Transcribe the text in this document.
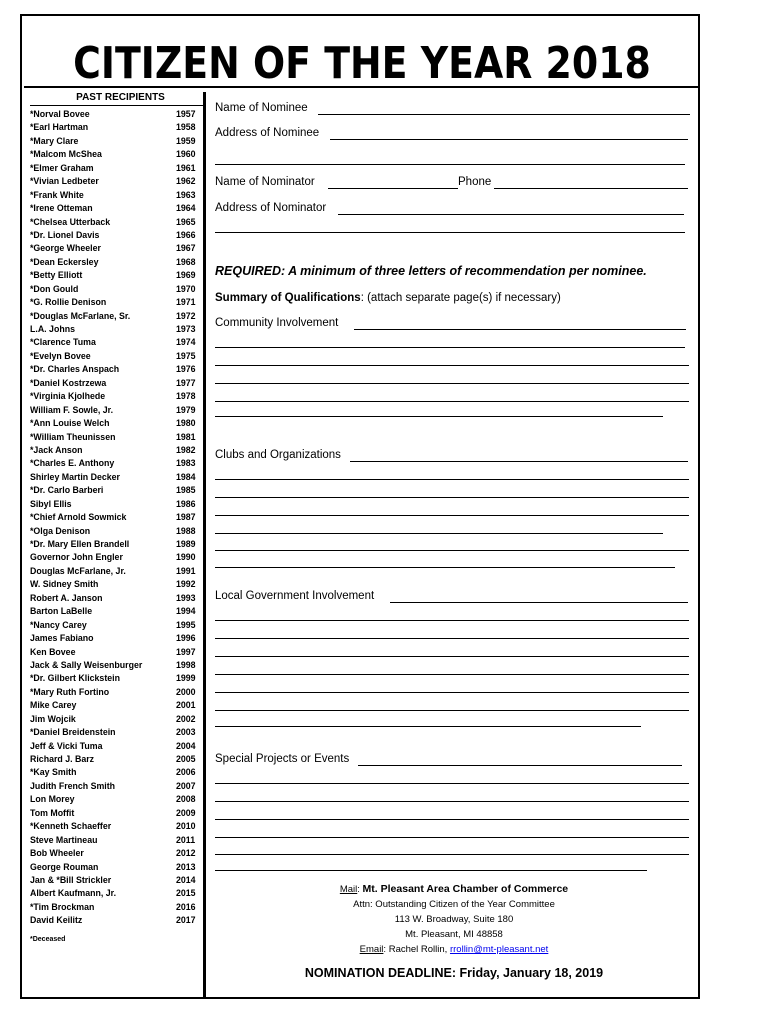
CITIZEN OF THE YEAR 2018
PAST RECIPIENTS
*Norval Bovee	1957
*Earl Hartman	1958
*Mary Clare	1959
*Malcom McShea	1960
*Elmer Graham	1961
*Vivian Ledbeter	1962
*Frank White	1963
*Irene Otteman	1964
*Chelsea Utterback	1965
*Dr. Lionel Davis	1966
*George Wheeler	1967
*Dean Eckersley	1968
*Betty Elliott	1969
*Don Gould	1970
*G. Rollie Denison	1971
*Douglas McFarlane, Sr.	1972
L.A. Johns	1973
*Clarence Tuma	1974
*Evelyn Bovee	1975
*Dr. Charles Anspach	1976
*Daniel Kostrzewa	1977
*Virginia Kjolhede	1978
William F. Sowle, Jr.	1979
*Ann Louise Welch	1980
*William Theunissen	1981
*Jack Anson	1982
*Charles E. Anthony	1983
Shirley Martin Decker	1984
*Dr. Carlo Barberi	1985
Sibyl Ellis	1986
*Chief Arnold Sowmick	1987
*Olga Denison	1988
*Dr. Mary Ellen Brandell	1989
Governor John Engler	1990
Douglas McFarlane, Jr.	1991
W. Sidney Smith	1992
Robert A. Janson	1993
Barton LaBelle	1994
*Nancy Carey	1995
James Fabiano	1996
Ken Bovee	1997
Jack & Sally Weisenburger	1998
*Dr. Gilbert Klickstein	1999
*Mary Ruth Fortino	2000
Mike Carey	2001
Jim Wojcik	2002
*Daniel Breidenstein	2003
Jeff & Vicki Tuma	2004
Richard J. Barz	2005
*Kay Smith	2006
Judith French Smith	2007
Lon Morey	2008
Tom Moffit	2009
*Kenneth Schaeffer	2010
Steve Martineau	2011
Bob Wheeler	2012
George Rouman	2013
Jan & *Bill Strickler	2014
Albert Kaufmann, Jr.	2015
*Tim Brockman	2016
David Keilitz	2017
*Deceased
Name of Nominee
Address of Nominee
Name of Nominator	Phone
Address of Nominator
REQUIRED: A minimum of three letters of recommendation per nominee.
Summary of Qualifications: (attach separate page(s) if necessary)
Community Involvement
Clubs and Organizations
Local Government Involvement
Special Projects or Events
Mail: Mt. Pleasant Area Chamber of Commerce
Attn: Outstanding Citizen of the Year Committee
113 W. Broadway, Suite 180
Mt. Pleasant, MI 48858
Email: Rachel Rollin, rrollin@mt-pleasant.net
NOMINATION DEADLINE: Friday, January 18, 2019
